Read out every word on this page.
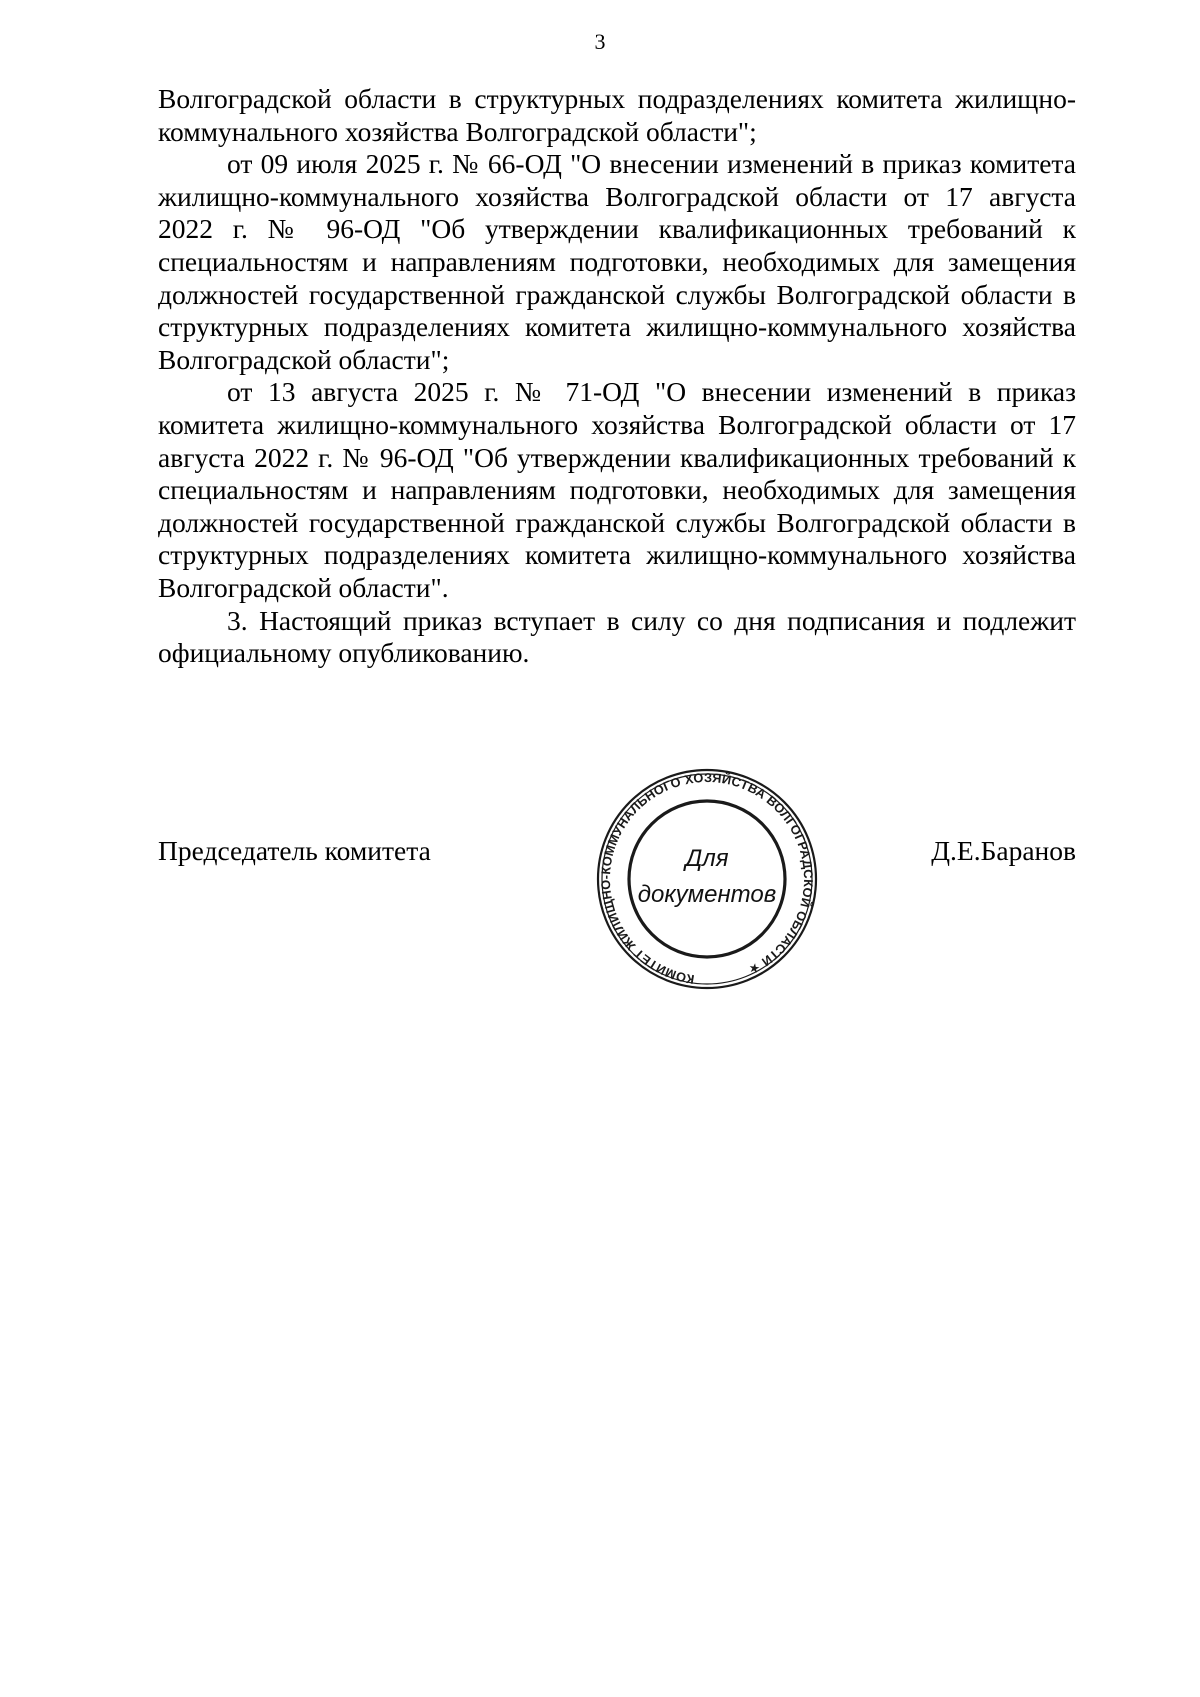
3

Волгоградской области в структурных подразделениях комитета жилищно-коммунального хозяйства Волгоградской области";

от 09 июля 2025 г. № 66-ОД "О внесении изменений в приказ комитета жилищно-коммунального хозяйства Волгоградской области от 17 августа 2022 г. № 96-ОД "Об утверждении квалификационных требований к специальностям и направлениям подготовки, необходимых для замещения должностей государственной гражданской службы Волгоградской области в структурных подразделениях комитета жилищно-коммунального хозяйства Волгоградской области";

от 13 августа 2025 г. № 71-ОД "О внесении изменений в приказ комитета жилищно-коммунального хозяйства Волгоградской области от 17 августа 2022 г. № 96-ОД "Об утверждении квалификационных требований к специальностям и направлениям подготовки, необходимых для замещения должностей государственной гражданской службы Волгоградской области в структурных подразделениях комитета жилищно-коммунального хозяйства Волгоградской области".

3. Настоящий приказ вступает в силу со дня подписания и подлежит официальному опубликованию.

Председатель комитета
КОМИТЕТ ЖИЛИЩНО-КОММУНАЛЬНОГО ХОЗЯЙСТВА ВОЛГОГРАДСКОЙ ОБЛАСТИ ★
Для
документов
Д.Е.Баранов
